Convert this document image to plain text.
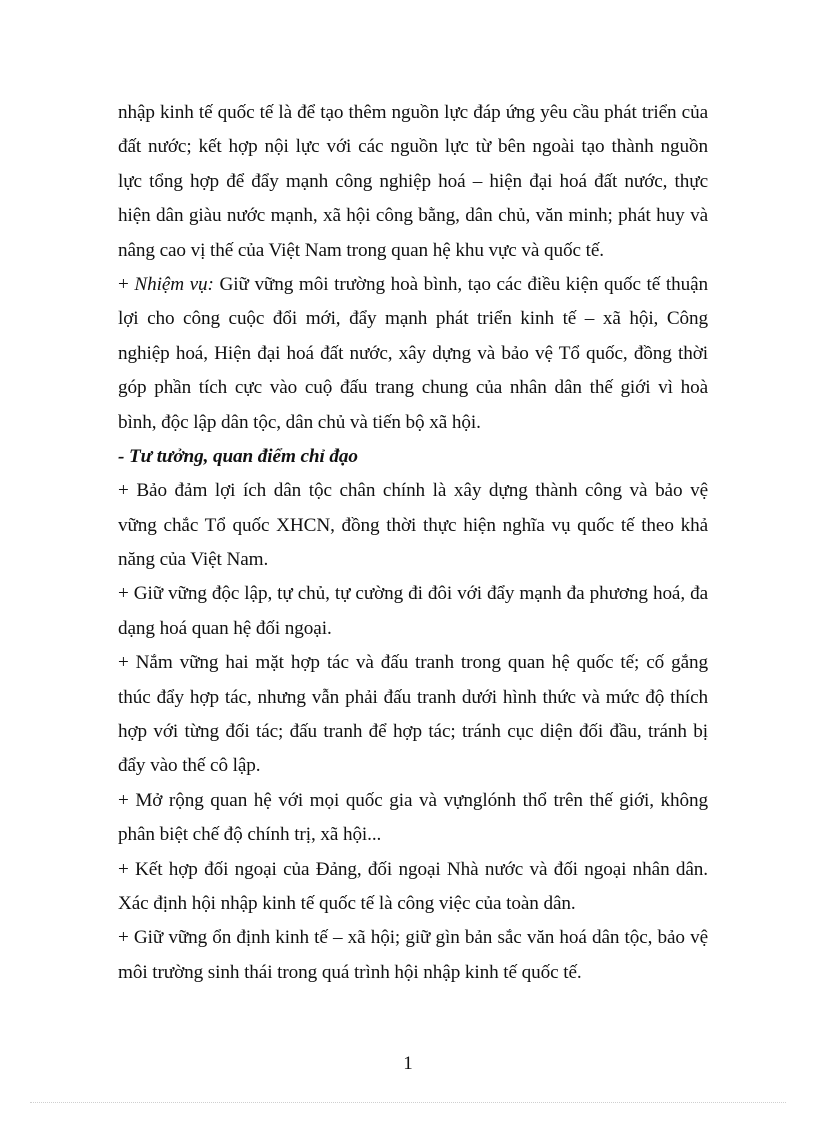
nhập kinh tế quốc tế là để tạo thêm nguồn lực đáp ứng yêu cầu phát triển của
đất nước; kết hợp nội lực với các nguồn lực từ bên ngoài tạo thành nguồn
lực tổng hợp để đẩy mạnh công nghiệp hoá – hiện đại hoá đất nước, thực
hiện dân giàu nước mạnh, xã hội công bằng, dân chủ, văn minh; phát huy và
nâng cao vị thế của Việt Nam trong quan hệ khu vực và quốc tế.
+ Nhiệm vụ: Giữ vững môi trường hoà bình, tạo các điều kiện quốc tế thuận
lợi cho công cuộc đổi mới, đẩy mạnh phát triển kinh tế – xã hội, Công
nghiệp hoá, Hiện đại hoá đất nước, xây dựng và bảo vệ Tổ quốc, đồng thời
góp phần tích cực vào cuộ đấu trang chung của nhân dân thế giới vì hoà
bình, độc lập dân tộc, dân chủ và tiến bộ xã hội.
- Tư tưởng, quan điểm chỉ đạo
+ Bảo đảm lợi ích dân tộc chân chính là xây dựng thành công và bảo vệ
vững chắc Tổ quốc XHCN, đồng thời thực hiện nghĩa vụ quốc tế theo khả
năng của Việt Nam.
+ Giữ vững độc lập, tự chủ, tự cường đi đôi với đẩy mạnh đa phương hoá, đa
dạng hoá quan hệ đối ngoại.
+ Nắm vững hai mặt hợp tác và đấu tranh trong quan hệ quốc tế; cố gắng
thúc đẩy hợp tác, nhưng vẫn phải đấu tranh dưới hình thức và mức độ thích
hợp với từng đối tác; đấu tranh để hợp tác; tránh cục diện đối đầu, tránh bị
đẩy vào thế cô lập.
+ Mở rộng quan hệ với mọi quốc gia và vựnglónh thổ trên thế giới, không
phân biệt chế độ chính trị, xã hội...
+ Kết hợp đối ngoại của Đảng, đối ngoại Nhà nước và đối ngoại nhân dân.
Xác định hội nhập kinh tế quốc tế là công việc của toàn dân.
+ Giữ vững ổn định kinh tế – xã hội; giữ gìn bản sắc văn hoá dân tộc, bảo vệ
môi trường sinh thái trong quá trình hội nhập kinh tế quốc tế.
1
